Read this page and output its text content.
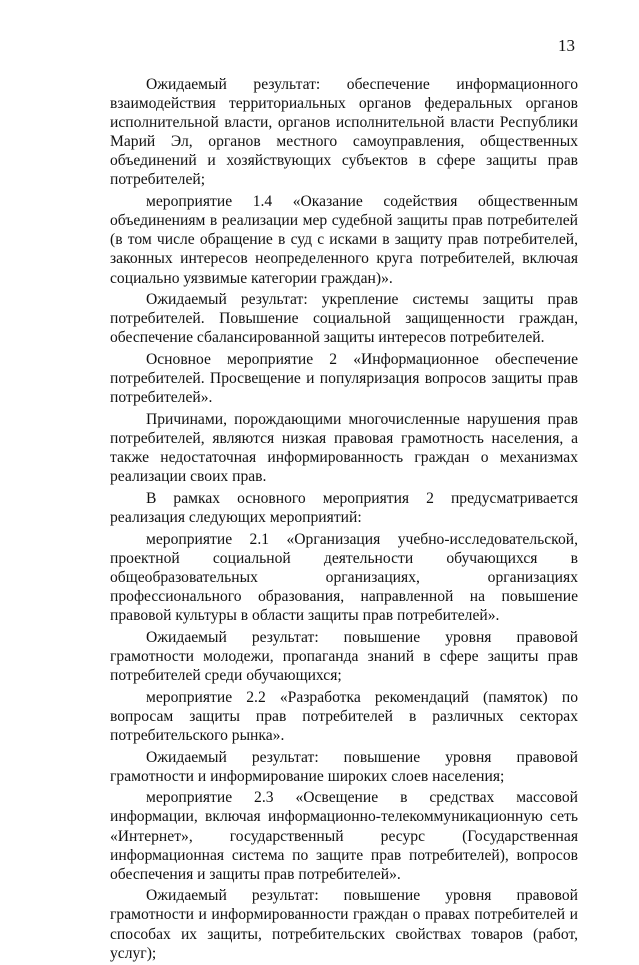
13

Ожидаемый результат: обеспечение информационного взаимодействия территориальных органов федеральных органов исполнительной власти, органов исполнительной власти Республики Марий Эл, органов местного самоуправления, общественных объединений и хозяйствующих субъектов в сфере защиты прав потребителей;

мероприятие 1.4 «Оказание содействия общественным объединениям в реализации мер судебной защиты прав потребителей (в том числе обращение в суд с исками в защиту прав потребителей, законных интересов неопределенного круга потребителей, включая социально уязвимые категории граждан)».

Ожидаемый результат: укрепление системы защиты прав потребителей. Повышение социальной защищенности граждан, обеспечение сбалансированной защиты интересов потребителей.

Основное мероприятие 2 «Информационное обеспечение потребителей. Просвещение и популяризация вопросов защиты прав потребителей».

Причинами, порождающими многочисленные нарушения прав потребителей, являются низкая правовая грамотность населения, а также недостаточная информированность граждан о механизмах реализации своих прав.

В рамках основного мероприятия 2 предусматривается реализация следующих мероприятий:

мероприятие 2.1 «Организация учебно-исследовательской, проектной социальной деятельности обучающихся в общеобразовательных организациях, организациях профессионального образования, направленной на повышение правовой культуры в области защиты прав потребителей».

Ожидаемый результат: повышение уровня правовой грамотности молодежи, пропаганда знаний в сфере защиты прав потребителей среди обучающихся;

мероприятие 2.2 «Разработка рекомендаций (памяток) по вопросам защиты прав потребителей в различных секторах потребительского рынка».

Ожидаемый результат: повышение уровня правовой грамотности и информирование широких слоев населения;

мероприятие 2.3 «Освещение в средствах массовой информации, включая информационно-телекоммуникационную сеть «Интернет», государственный ресурс (Государственная информационная система по защите прав потребителей), вопросов обеспечения и защиты прав потребителей».

Ожидаемый результат: повышение уровня правовой грамотности и информированности граждан о правах потребителей и способах их защиты, потребительских свойствах товаров (работ, услуг);
